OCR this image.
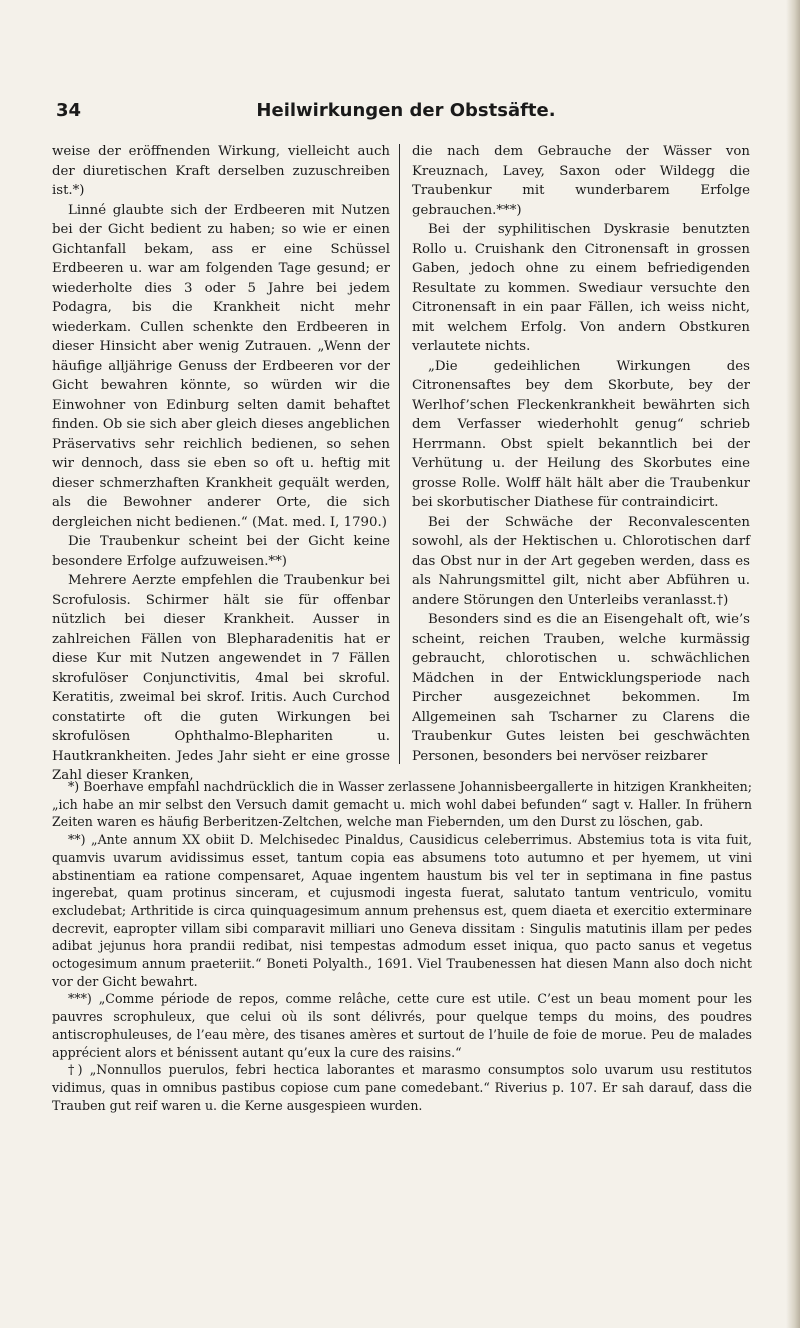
34	Heilwirkungen der Obstsäfte.

weise der eröffnenden Wirkung, vielleicht auch der diuretischen Kraft derselben zuzuschreiben ist.*)

Linné glaubte sich der Erdbeeren mit Nutzen bei der Gicht bedient zu haben; so wie er einen Gichtanfall bekam, ass er eine Schüssel Erdbeeren u. war am folgenden Tage gesund; er wiederholte dies 3 oder 5 Jahre bei jedem Podagra, bis die Krankheit nicht mehr wiederkam. Cullen schenkte den Erdbeeren in dieser Hinsicht aber wenig Zutrauen. „Wenn der häufige alljährige Genuss der Erdbeeren vor der Gicht bewahren könnte, so würden wir die Einwohner von Edinburg selten damit behaftet finden. Ob sie sich aber gleich dieses angeblichen Präservativs sehr reichlich bedienen, so sehen wir dennoch, dass sie eben so oft u. heftig mit dieser schmerzhaften Krankheit gequält werden, als die Bewohner anderer Orte, die sich dergleichen nicht bedienen.“ (Mat. med. I, 1790.)

Die Traubenkur scheint bei der Gicht keine besondere Erfolge aufzuweisen.**)

Mehrere Aerzte empfehlen die Traubenkur bei Scrofulosis. Schirmer hält sie für offenbar nützlich bei dieser Krankheit. Ausser in zahlreichen Fällen von Blepharadenitis hat er diese Kur mit Nutzen angewendet in 7 Fällen skrofulöser Conjunctivitis, 4mal bei skroful. Keratitis, zweimal bei skrof. Iritis. Auch Curchod constatirte oft die guten Wirkungen bei skrofulösen Ophthalmo-Blephariten u. Hautkrankheiten. Jedes Jahr sieht er eine grosse Zahl dieser Kranken,

die nach dem Gebrauche der Wässer von Kreuznach, Lavey, Saxon oder Wildegg die Traubenkur mit wunderbarem Erfolge gebrauchen.***)

Bei der syphilitischen Dyskrasie benutzten Rollo u. Cruishank den Citronensaft in grossen Gaben, jedoch ohne zu einem befriedigenden Resultate zu kommen. Swediaur versuchte den Citronensaft in ein paar Fällen, ich weiss nicht, mit welchem Erfolg. Von andern Obstkuren verlautete nichts.

„Die gedeihlichen Wirkungen des Citronensaftes bey dem Skorbute, bey der Werlhof’schen Fleckenkrankheit bewährten sich dem Verfasser wiederhohlt genug“ schrieb Herrmann. Obst spielt bekanntlich bei der Verhütung u. der Heilung des Skorbutes eine grosse Rolle. Wolff hält hält aber die Traubenkur bei skorbutischer Diathese für contraindicirt.

Bei der Schwäche der Reconvalescenten sowohl, als der Hektischen u. Chlorotischen darf das Obst nur in der Art gegeben werden, dass es als Nahrungsmittel gilt, nicht aber Abführen u. andere Störungen den Unterleibs veranlasst.†)

Besonders sind es die an Eisengehalt oft, wie’s scheint, reichen Trauben, welche kurmässig gebraucht, chlorotischen u. schwächlichen Mädchen in der Entwicklungsperiode nach Pircher ausgezeichnet bekommen. Im Allgemeinen sah Tscharner zu Clarens die Traubenkur Gutes leisten bei geschwächten Personen, besonders bei nervöser reizbarer

*) Boerhave empfahl nachdrücklich die in Wasser zerlassene Johannisbeergallerte in hitzigen Krankheiten; „ich habe an mir selbst den Versuch damit gemacht u. mich wohl dabei befunden“ sagt v. Haller. In frühern Zeiten waren es häufig Berberitzen-Zeltchen, welche man Fiebernden, um den Durst zu löschen, gab.

**) „Ante annum XX obiit D. Melchisedec Pinaldus, Causidicus celeberrimus. Abstemius tota is vita fuit, quamvis uvarum avidissimus esset, tantum copia eas absumens toto autumno et per hyemem, ut vini abstinentiam ea ratione compensaret, Aquae ingentem haustum bis vel ter in septimana in fine pastus ingerebat, quam protinus sinceram, et cujusmodi ingesta fuerat, salutato tantum ventriculo, vomitu excludebat; Arthritide is circa quinquagesimum annum prehensus est, quem diaeta et exercitio exterminare decrevit, eapropter villam sibi comparavit milliari uno Geneva dissitam : Singulis matutinis illam per pedes adibat jejunus hora prandii redibat, nisi tempestas admodum esset iniqua, quo pacto sanus et vegetus octogesimum annum praeteriit.“ Boneti Polyalth., 1691. Viel Traubenessen hat diesen Mann also doch nicht vor der Gicht bewahrt.

***) „Comme période de repos, comme relâche, cette cure est utile. C’est un beau moment pour les pauvres scrophuleux, que celui où ils sont délivrés, pour quelque temps du moins, des poudres antiscrophuleuses, de l’eau mère, des tisanes amères et surtout de l’huile de foie de morue. Peu de malades apprécient alors et bénissent autant qu’eux la cure des raisins.“

†) „Nonnullos puerulos, febri hectica laborantes et marasmo consumptos solo uvarum usu restitutos vidimus, quas in omnibus pastibus copiose cum pane comedebant.“ Riverius p. 107. Er sah darauf, dass die Trauben gut reif waren u. die Kerne ausgespieen wurden.
